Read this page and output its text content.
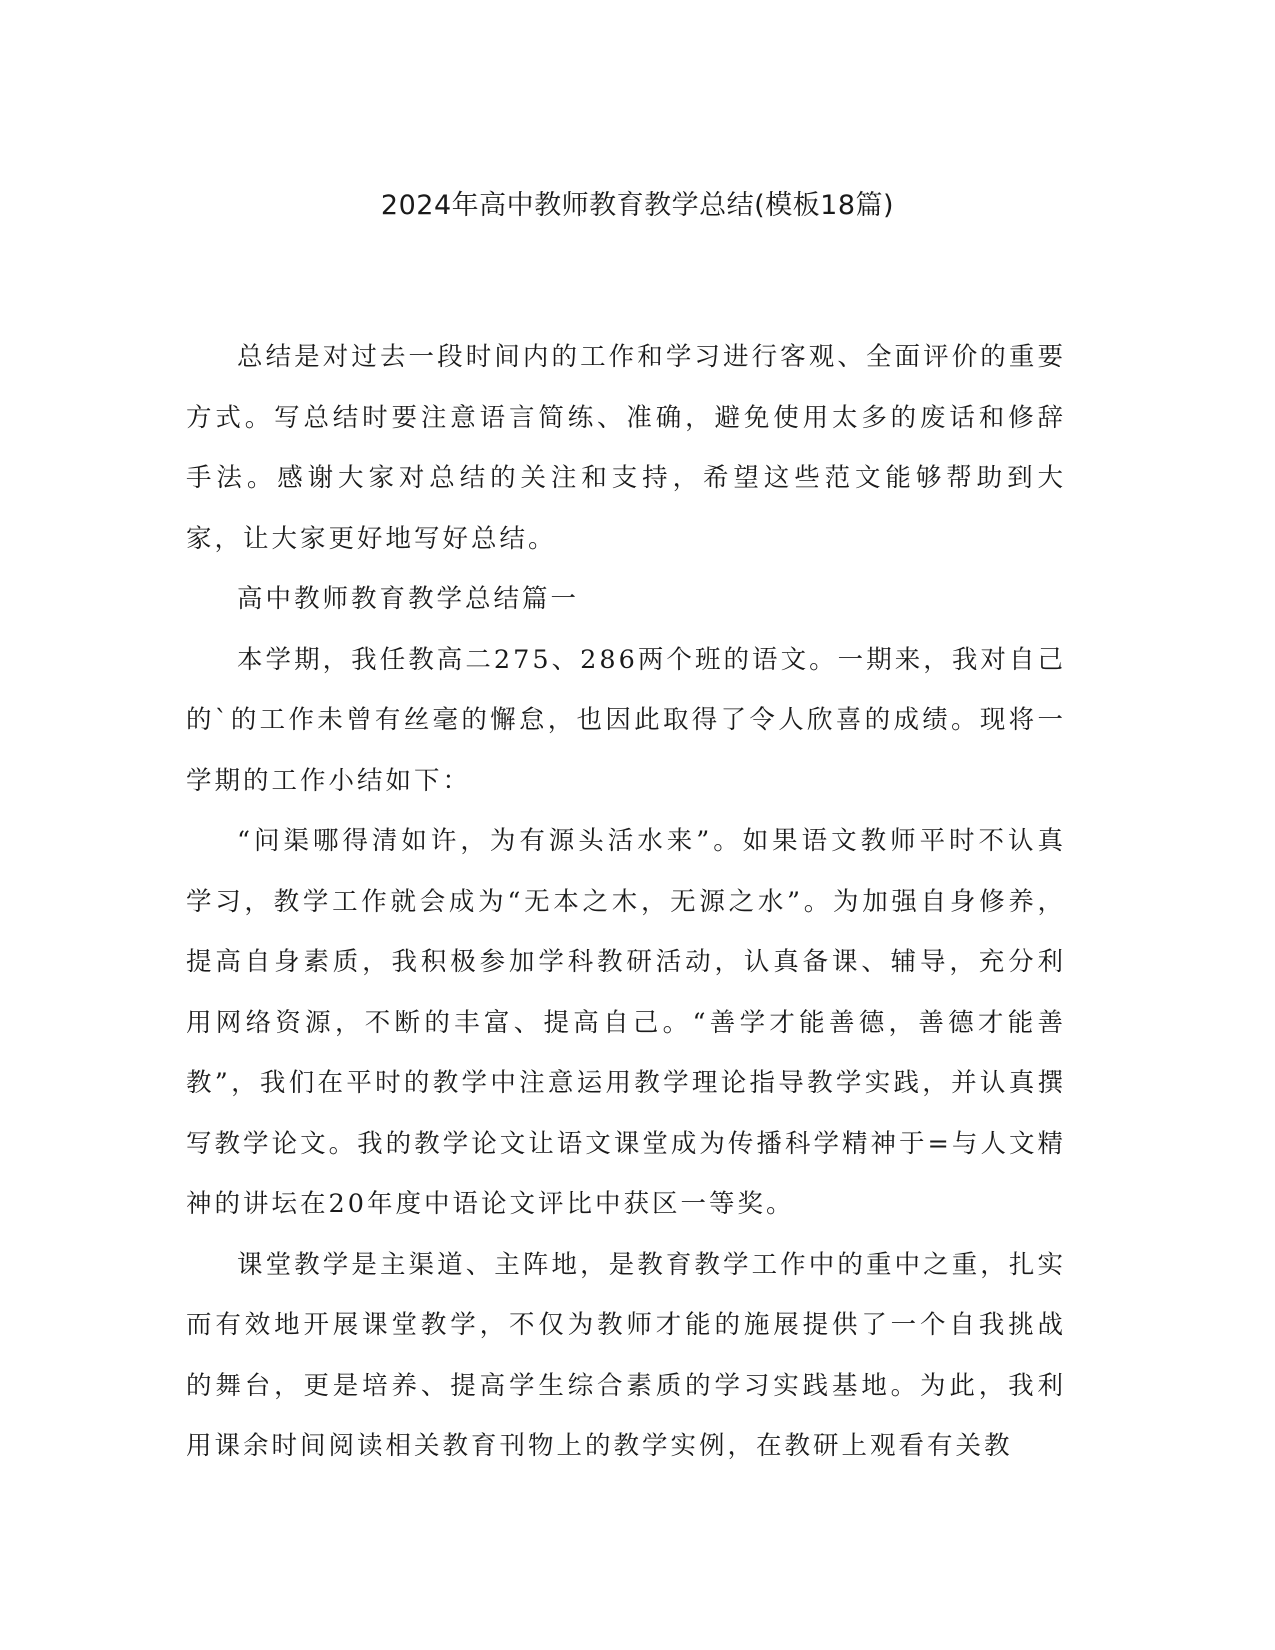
2024年高中教师教育教学总结(模板18篇)

总结是对过去一段时间内的工作和学习进行客观、全面评价的重要方式。写总结时要注意语言简练、准确，避免使用太多的废话和修辞手法。感谢大家对总结的关注和支持，希望这些范文能够帮助到大家，让大家更好地写好总结。

高中教师教育教学总结篇一

本学期，我任教高二275、286两个班的语文。一期来，我对自己的`的工作未曾有丝毫的懈怠，也因此取得了令人欣喜的成绩。现将一学期的工作小结如下：

“问渠哪得清如许，为有源头活水来”。如果语文教师平时不认真学习，教学工作就会成为“无本之木，无源之水”。为加强自身修养，提高自身素质，我积极参加学科教研活动，认真备课、辅导，充分利用网络资源，不断的丰富、提高自己。“善学才能善德，善德才能善教”，我们在平时的教学中注意运用教学理论指导教学实践，并认真撰写教学论文。我的教学论文让语文课堂成为传播科学精神于=与人文精神的讲坛在20年度中语论文评比中获区一等奖。

课堂教学是主渠道、主阵地，是教育教学工作中的重中之重，扎实而有效地开展课堂教学，不仅为教师才能的施展提供了一个自我挑战的舞台，更是培养、提高学生综合素质的学习实践基地。为此，我利用课余时间阅读相关教育刊物上的教学实例，在教研上观看有关教
